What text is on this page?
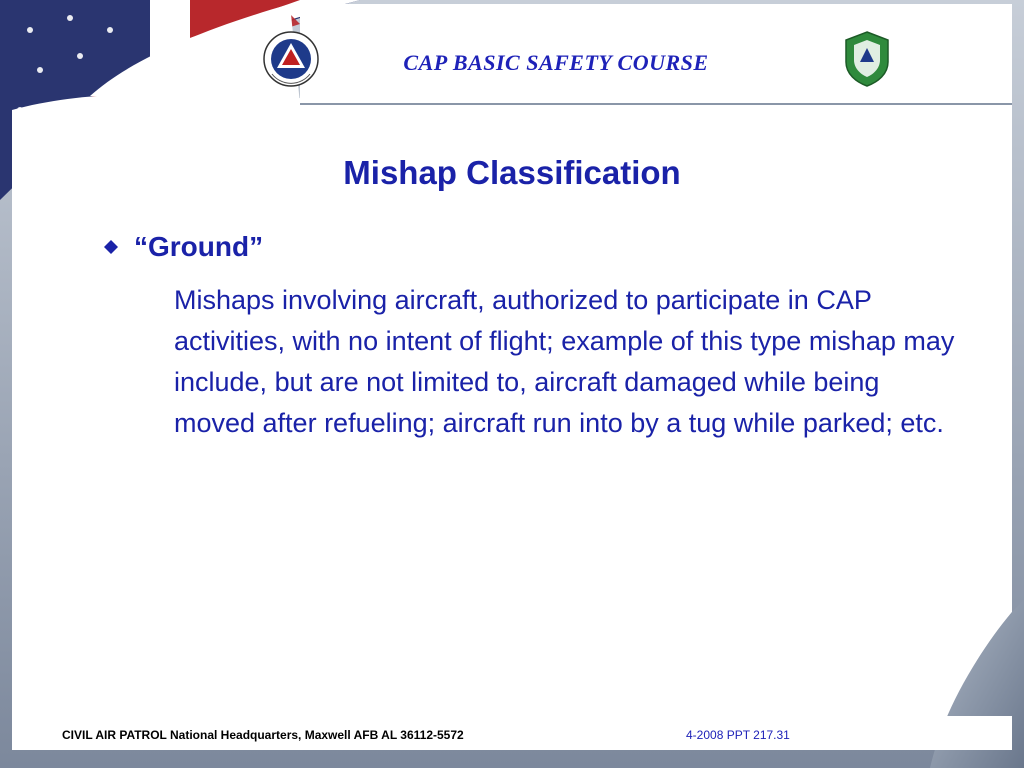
CAP BASIC SAFETY COURSE
Mishap Classification
“Ground”
Mishaps involving aircraft, authorized to participate in CAP activities, with no intent of flight; example of this type mishap may include, but are not limited to, aircraft damaged while being moved after refueling; aircraft run into by a tug while parked; etc.
CIVIL AIR PATROL National Headquarters, Maxwell AFB AL 36112-5572	4-2008 PPT 217.31
